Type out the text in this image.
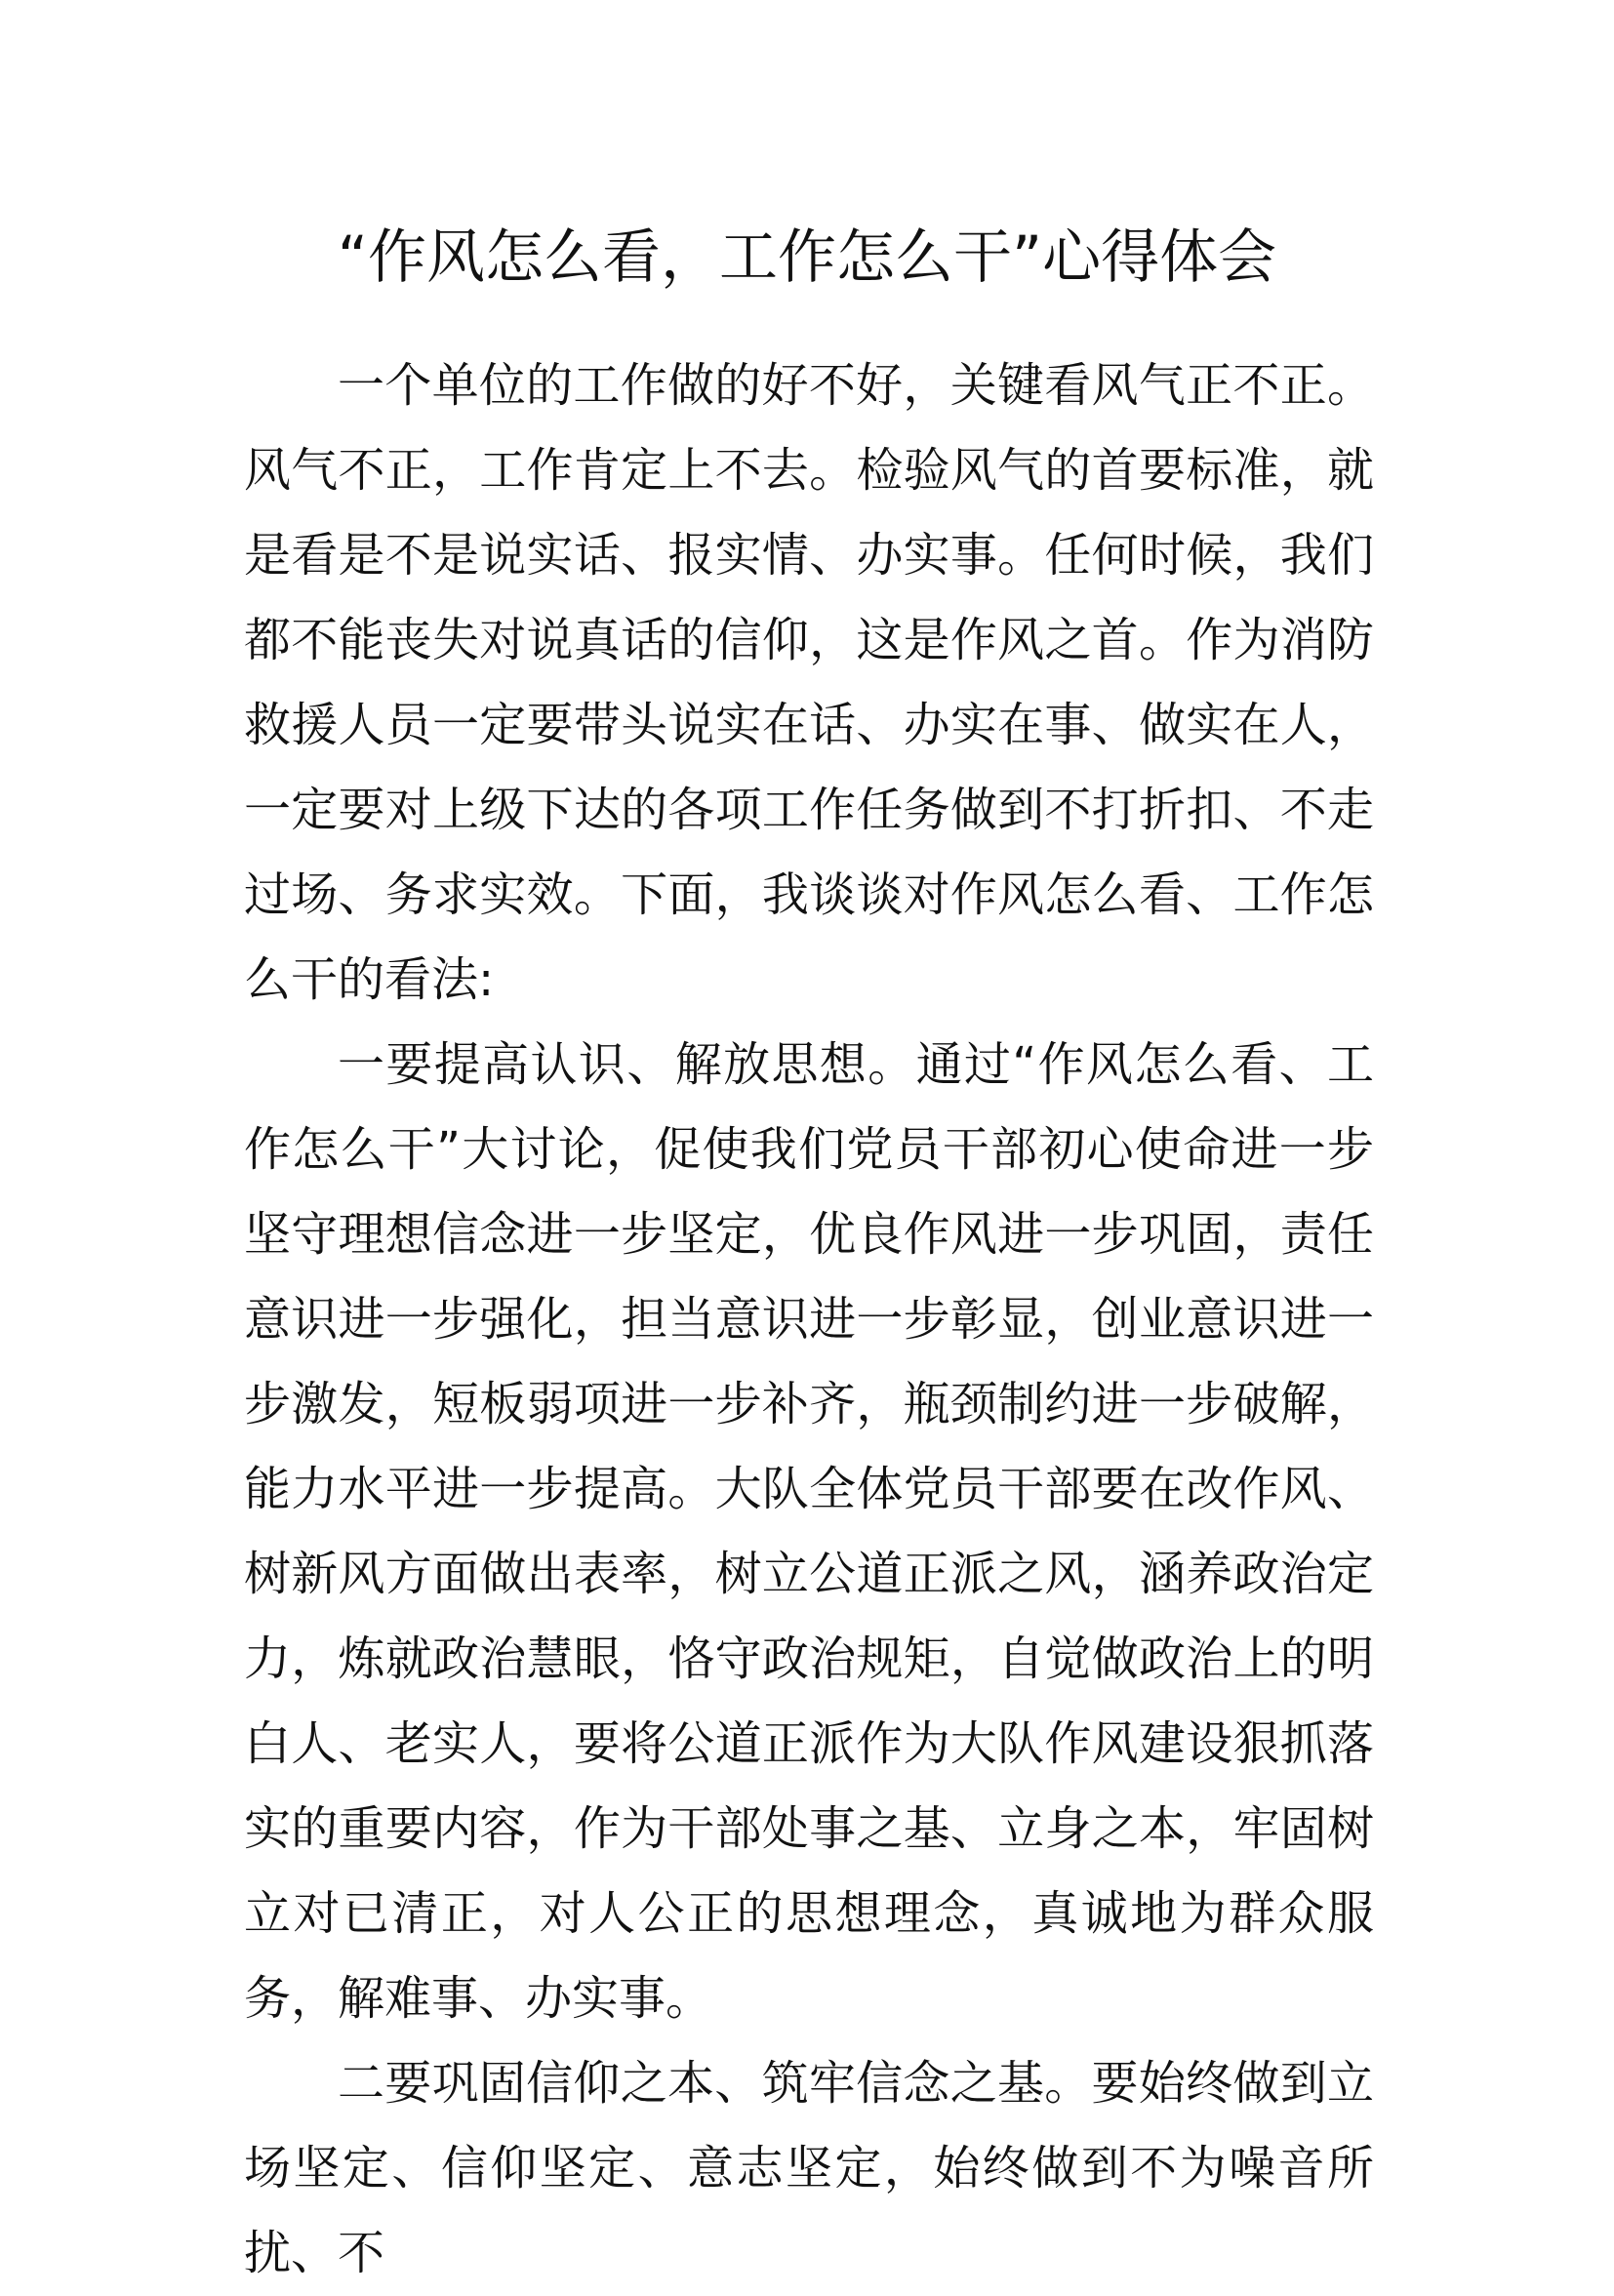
“作风怎么看，工作怎么干”心得体会

一个单位的工作做的好不好，关键看风气正不正。风气不正，工作肯定上不去。检验风气的首要标准，就是看是不是说实话、报实情、办实事。任何时候，我们都不能丧失对说真话的信仰，这是作风之首。作为消防救援人员一定要带头说实在话、办实在事、做实在人，一定要对上级下达的各项工作任务做到不打折扣、不走过场、务求实效。下面，我谈谈对作风怎么看、工作怎么干的看法:

一要提高认识、解放思想。通过“作风怎么看、工作怎么干”大讨论，促使我们党员干部初心使命进一步坚守理想信念进一步坚定，优良作风进一步巩固，责任意识进一步强化，担当意识进一步彰显，创业意识进一步激发，短板弱项进一步补齐，瓶颈制约进一步破解，能力水平进一步提高。大队全体党员干部要在改作风、树新风方面做出表率，树立公道正派之风，涵养政治定力，炼就政治慧眼，恪守政治规矩，自觉做政治上的明白人、老实人，要将公道正派作为大队作风建设狠抓落实的重要内容，作为干部处事之基、立身之本，牢固树立对已清正，对人公正的思想理念，真诚地为群众服务，解难事、办实事。

二要巩固信仰之本、筑牢信念之基。要始终做到立场坚定、信仰坚定、意志坚定，始终做到不为噪音所扰、不
